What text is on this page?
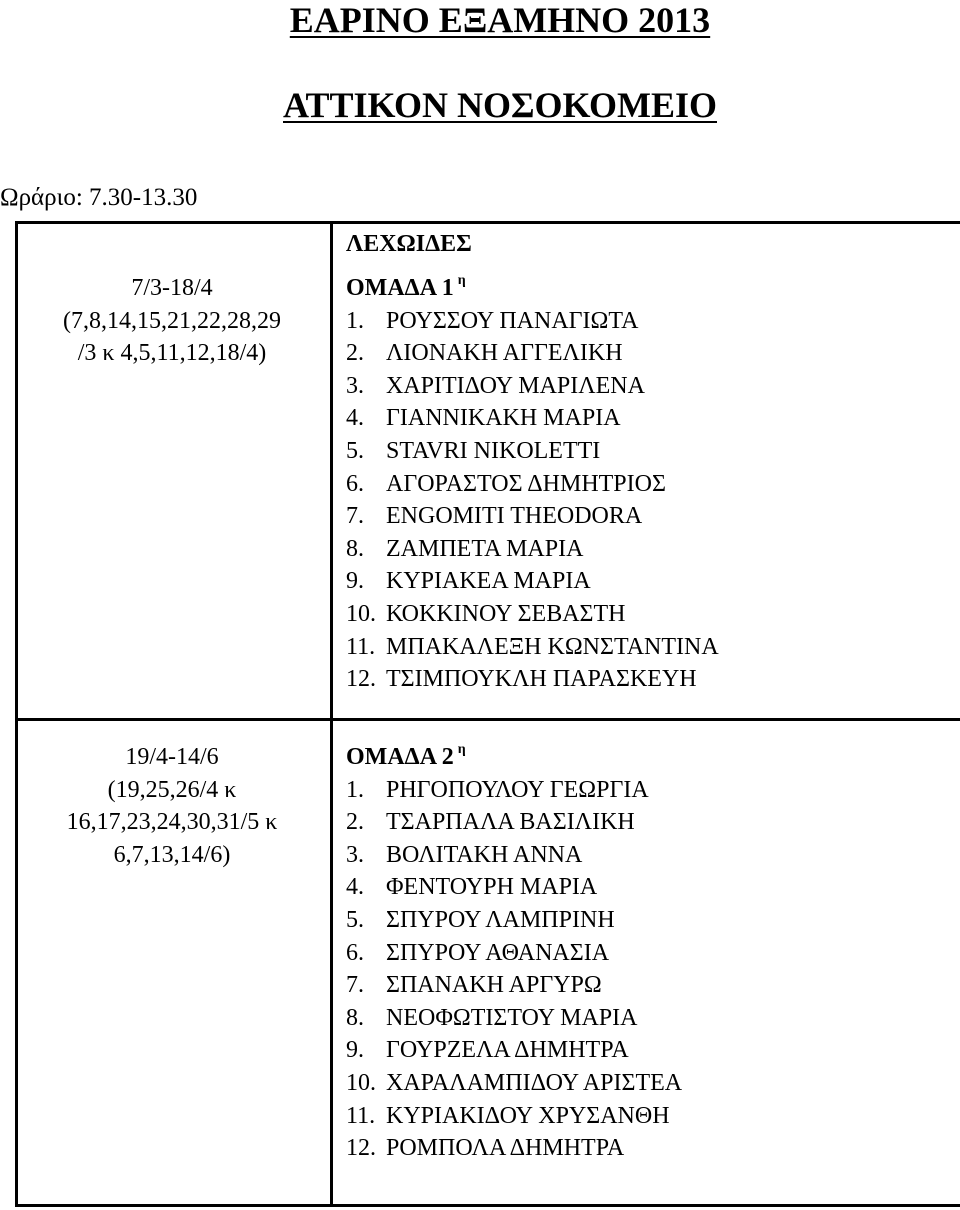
ΕΑΡΙΝΟ ΕΞΑΜΗΝΟ 2013
ΑΤΤΙΚΟΝ ΝΟΣΟΚΟΜΕΙΟ
Ωράριο: 7.30-13.30
ΛΕΧΩΙΔΕΣ
7/3-18/4
(7,8,14,15,21,22,28,29
/3 κ 4,5,11,12,18/4)
ΟΜΑΔΑ 1 $^\eta$
1. ΡΟΥΣΣΟΥ ΠΑΝΑΓΙΩΤΑ
2. ΛΙΟΝΑΚΗ ΑΓΓΕΛΙΚΗ
3. ΧΑΡΙΤΙΔΟΥ ΜΑΡΙΛΕΝΑ
4. ΓΙΑΝΝΙΚΑΚΗ ΜΑΡΙΑ
5. STAVRI NIKOLETTI
6. ΑΓΟΡΑΣΤΟΣ ΔΗΜΗΤΡΙΟΣ
7. ENGOMITI THEODORA
8. ΖΑΜΠΕΤΑ ΜΑΡΙΑ
9. ΚΥΡΙΑΚΕΑ ΜΑΡΙΑ
10. ΚΟΚΚΙΝΟΥ ΣΕΒΑΣΤΗ
11. ΜΠΑΚΑΛΕΞΗ ΚΩΝΣΤΑΝΤΙΝΑ
12. ΤΣΙΜΠΟΥΚΛΗ ΠΑΡΑΣΚΕΥΗ
19/4-14/6
(19,25,26/4 κ
16,17,23,24,30,31/5 κ
6,7,13,14/6)
ΟΜΑΔΑ 2 $^\eta$
1. ΡΗΓΟΠΟΥΛΟΥ ΓΕΩΡΓΙΑ
2. ΤΣΑΡΠΑΛΑ ΒΑΣΙΛΙΚΗ
3. ΒΟΛΙΤΑΚΗ ΑΝΝΑ
4. ΦΕΝΤΟΥΡΗ ΜΑΡΙΑ
5. ΣΠΥΡΟΥ ΛΑΜΠΡΙΝΗ
6. ΣΠΥΡΟΥ ΑΘΑΝΑΣΙΑ
7. ΣΠΑΝΑΚΗ ΑΡΓΥΡΩ
8. ΝΕΟΦΩΤΙΣΤΟΥ ΜΑΡΙΑ
9. ΓΟΥΡΖΕΛΑ ΔΗΜΗΤΡΑ
10. ΧΑΡΑΛΑΜΠΙΔΟΥ ΑΡΙΣΤΕΑ
11. ΚΥΡΙΑΚΙΔΟΥ ΧΡΥΣΑΝΘΗ
12. ΡΟΜΠΟΛΑ ΔΗΜΗΤΡΑ
